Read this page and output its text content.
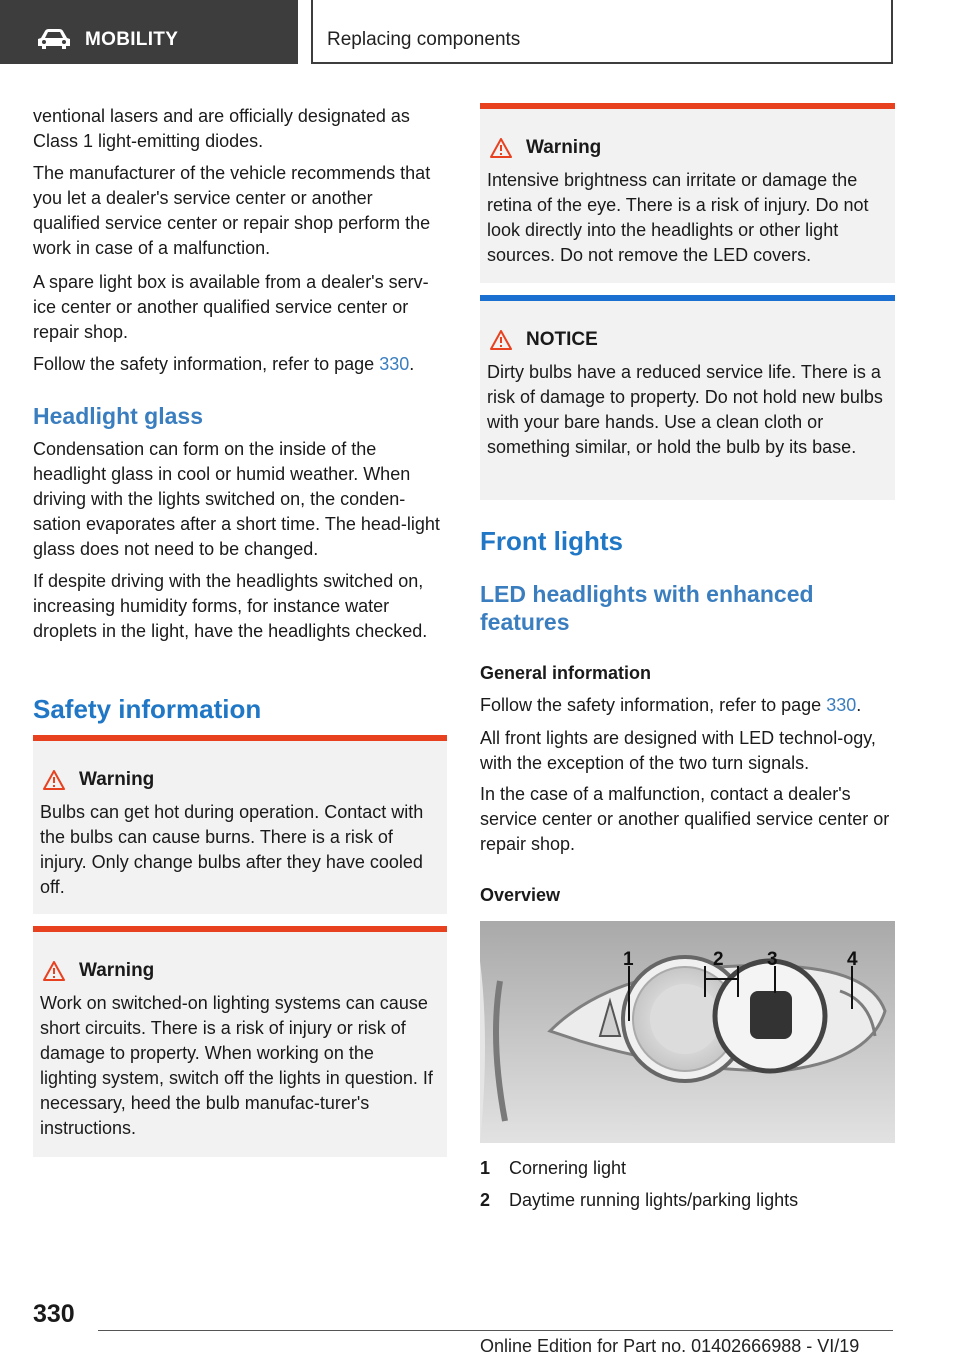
MOBILITY	Replacing components

ventional lasers and are officially designated as Class 1 light-emitting diodes.

The manufacturer of the vehicle recommends that you let a dealer's service center or another qualified service center or repair shop perform the work in case of a malfunction.

A spare light box is available from a dealer's serv-ice center or another qualified service center or repair shop.

Follow the safety information, refer to page 330.

Headlight glass

Condensation can form on the inside of the headlight glass in cool or humid weather. When driving with the lights switched on, the conden-sation evaporates after a short time. The head-light glass does not need to be changed.

If despite driving with the headlights switched on, increasing humidity forms, for instance water droplets in the light, have the headlights checked.

Safety information
Warning

Bulbs can get hot during operation. Contact with the bulbs can cause burns. There is a risk of injury. Only change bulbs after they have cooled off.

Warning

Work on switched-on lighting systems can cause short circuits. There is a risk of injury or risk of damage to property. When working on the lighting system, switch off the lights in question. If necessary, heed the bulb manufac-turer's instructions.

Warning

Intensive brightness can irritate or damage the retina of the eye. There is a risk of injury. Do not look directly into the headlights or other light sources. Do not remove the LED covers.

NOTICE

Dirty bulbs have a reduced service life. There is a risk of damage to property. Do not hold new bulbs with your bare hands. Use a clean cloth or something similar, or hold the bulb by its base.

Front lights
LED headlights with enhanced features
General information

Follow the safety information, refer to page 330.

All front lights are designed with LED technol-ogy, with the exception of the two turn signals.

In the case of a malfunction, contact a dealer's service center or another qualified service center or repair shop.

Overview
1	2 3	4
1 Cornering light
2 Daytime running lights/parking lights
330
Online Edition for Part no. 01402666988 - VI/19
